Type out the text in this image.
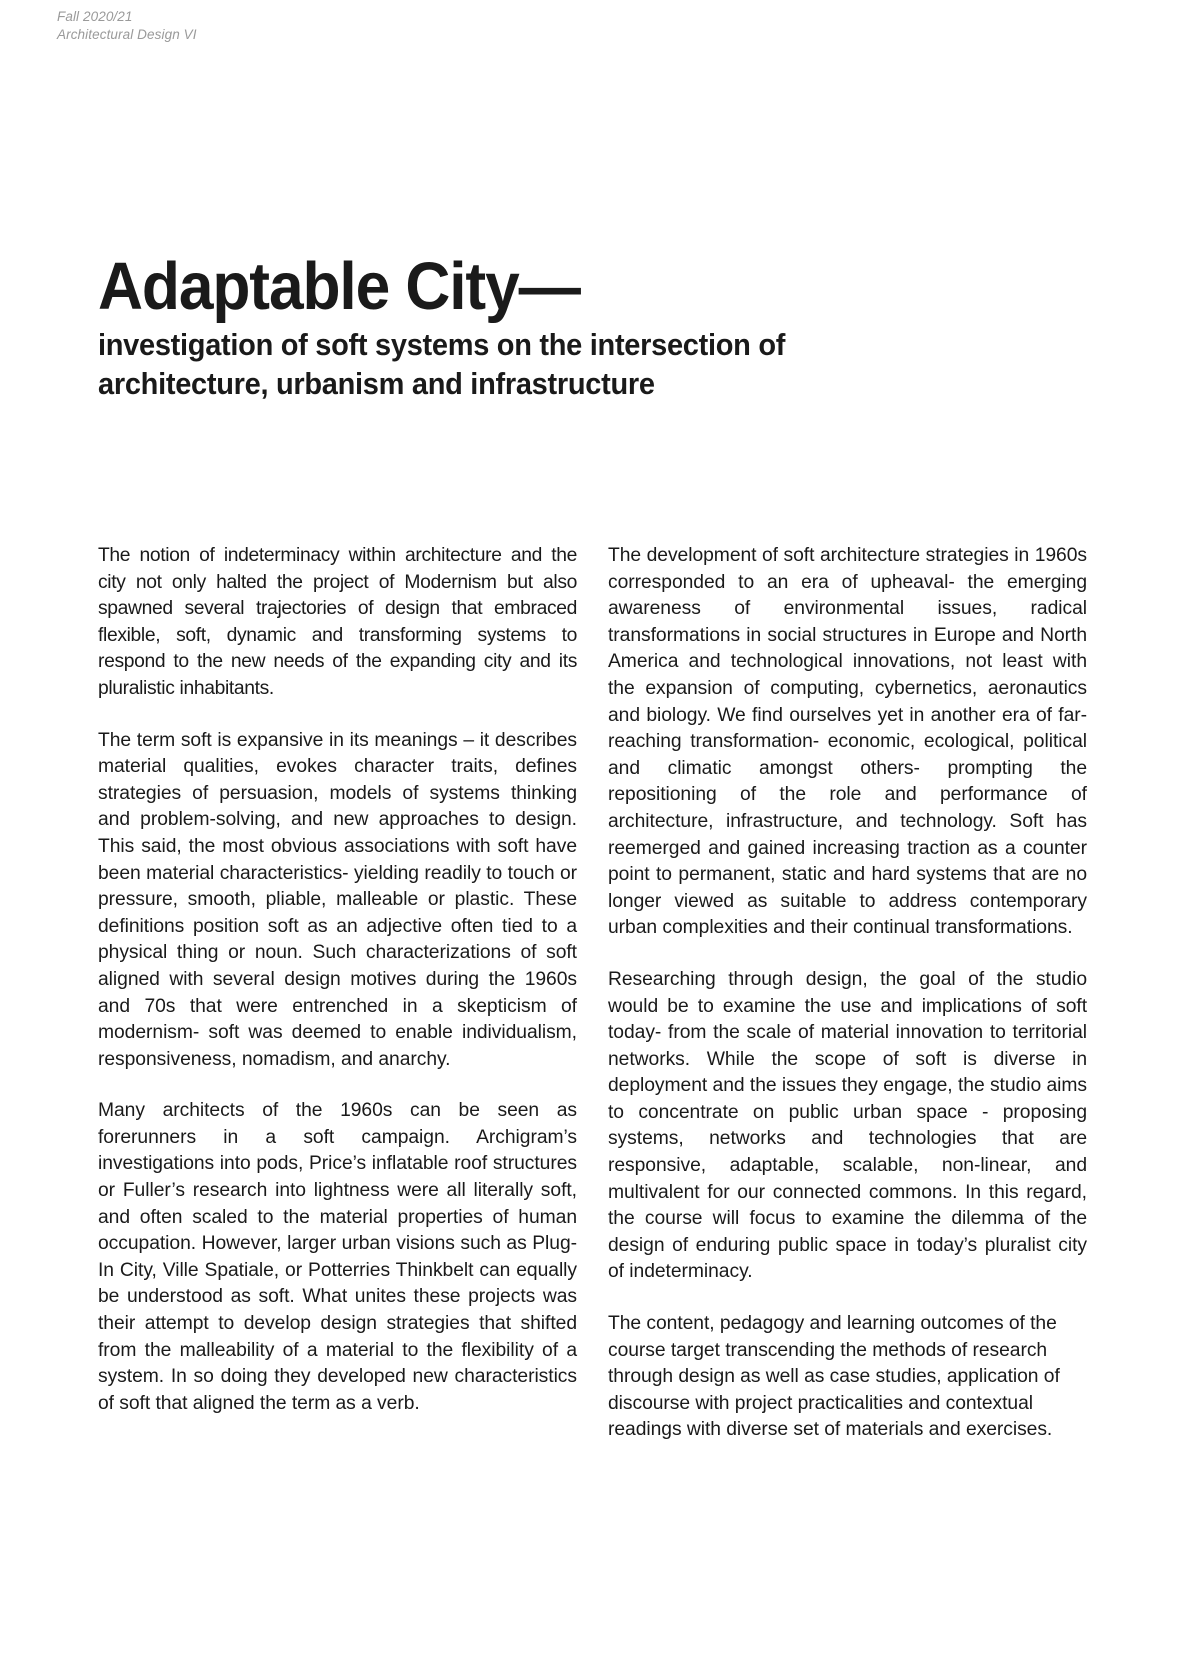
Fall 2020/21
Architectural Design VI
Adaptable City—
investigation of soft systems on the intersection of
architecture, urbanism and infrastructure

The notion of indeterminacy within architecture and the city not only halted the project of Modernism but also spawned several trajectories of design that embraced flexible, soft, dynamic and transforming systems to respond to the new needs of the expanding city and its pluralistic inhabitants.

The term soft is expansive in its meanings – it describes material qualities, evokes character traits, defines strategies of persuasion, models of systems thinking and problem-solving, and new approaches to design. This said, the most obvious associations with soft have been material characteristics- yielding readily to touch or pressure, smooth, pliable, malleable or plastic. These definitions position soft as an adjective often tied to a physical thing or noun. Such characterizations of soft aligned with several design motives during the 1960s and 70s that were entrenched in a skepticism of modernism- soft was deemed to enable individualism, responsiveness, nomadism, and anarchy.

Many architects of the 1960s can be seen as forerunners in a soft campaign. Archigram’s investigations into pods, Price’s inflatable roof structures or Fuller’s research into lightness were all literally soft, and often scaled to the material properties of human occupation. However, larger urban visions such as Plug-In City, Ville Spatiale, or Potterries Thinkbelt can equally be understood as soft. What unites these projects was their attempt to develop design strategies that shifted from the malleability of a material to the flexibility of a system. In so doing they developed new characteristics of soft that aligned the term as a verb.

The development of soft architecture strategies in 1960s corresponded to an era of upheaval- the emerging awareness of environmental issues, radical transformations in social structures in Europe and North America and technological innovations, not least with the expansion of computing, cybernetics, aeronautics and biology. We find ourselves yet in another era of far-reaching transformation- economic, ecological, political and climatic amongst others- prompting the repositioning of the role and performance of architecture, infrastructure, and technology. Soft has reemerged and gained increasing traction as a counter point to permanent, static and hard systems that are no longer viewed as suitable to address contemporary urban complexities and their continual transformations.

Researching through design, the goal of the studio would be to examine the use and implications of soft today- from the scale of material innovation to territorial networks. While the scope of soft is diverse in deployment and the issues they engage, the studio aims to concentrate on public urban space - proposing systems, networks and technologies that are responsive, adaptable, scalable, non-linear, and multivalent for our connected commons. In this regard, the course will focus to examine the dilemma of the design of enduring public space in today’s pluralist city of indeterminacy.

The content, pedagogy and learning outcomes of the course target transcending the methods of research through design as well as case studies, application of discourse with project practicalities and contextual readings with diverse set of materials and exercises.
